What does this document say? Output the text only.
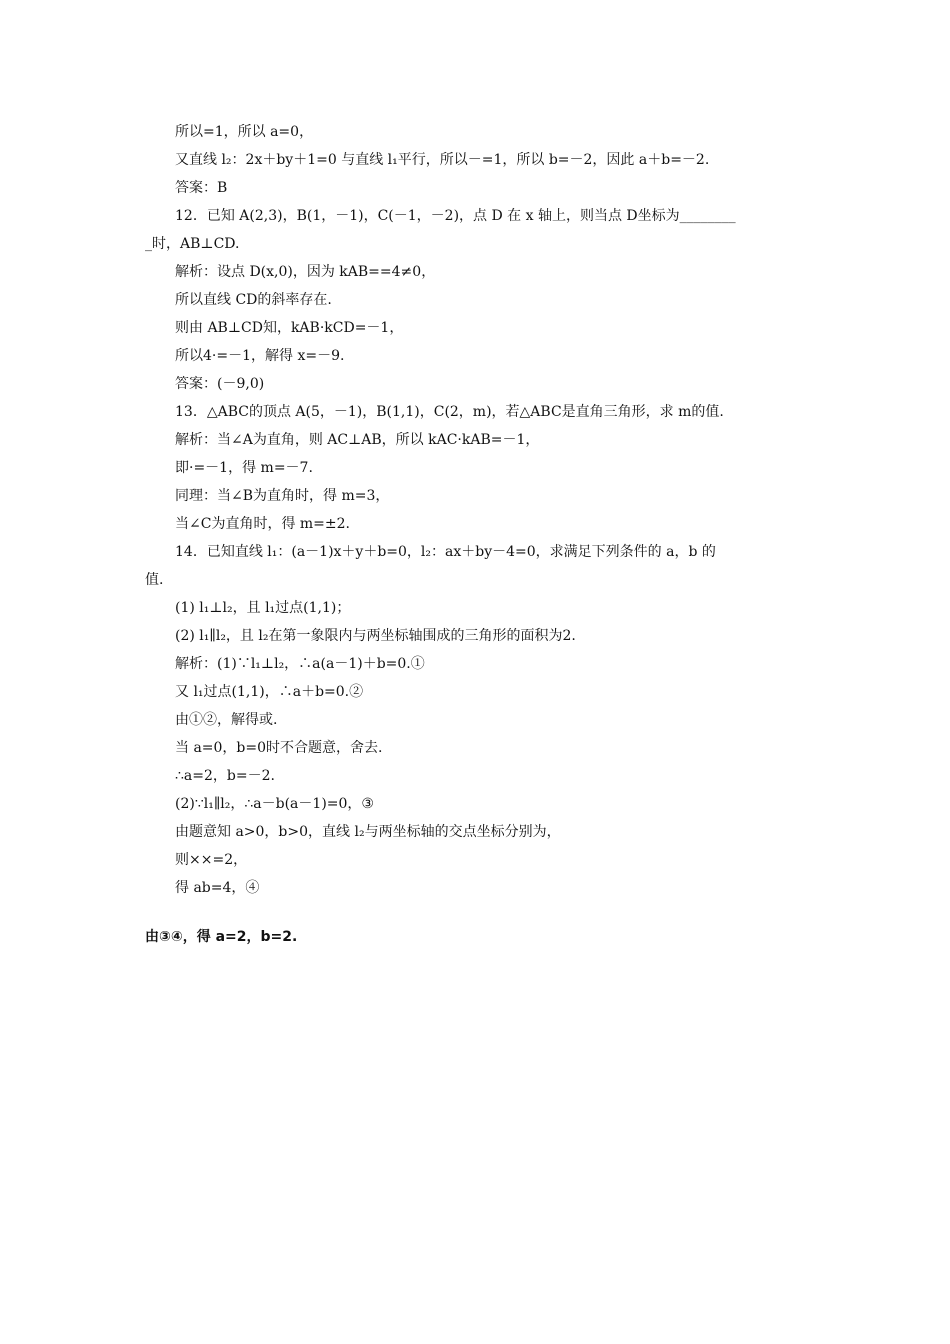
所以=1，所以 a=0，
又直线 l₂：2x＋by＋1=0 与直线 l₁平行，所以－=1，所以 b=－2，因此 a＋b=－2.
答案：B
12．已知 A(2,3)，B(1，－1)，C(－1，－2)，点 D 在 x 轴上，则当点 D坐标为________
_时，AB⊥CD.
解析：设点 D(x,0)，因为 kAB==4≠0，
所以直线 CD的斜率存在.
则由 AB⊥CD知，kAB·kCD=－1，
所以4·=－1，解得 x=－9.
答案：(－9,0)
13．△ABC的顶点 A(5，－1)，B(1,1)，C(2，m)，若△ABC是直角三角形，求 m的值.
解析：当∠A为直角，则 AC⊥AB，所以 kAC·kAB=－1，
即·=－1，得 m=－7.
同理：当∠B为直角时，得 m=3，
当∠C为直角时，得 m=±2.
14．已知直线 l₁：(a－1)x＋y＋b=0，l₂：ax＋by－4=0，求满足下列条件的 a，b 的
值.
(1) l₁⊥l₂，且 l₁过点(1,1)；
(2) l₁∥l₂，且 l₂在第一象限内与两坐标轴围成的三角形的面积为2.
解析：(1)∵l₁⊥l₂，∴a(a－1)＋b=0.①
又 l₁过点(1,1)，∴a＋b=0.②
由①②，解得或.
当 a=0，b=0时不合题意，舍去.
∴a=2，b=－2.
(2)∵l₁∥l₂，∴a－b(a－1)=0，③
由题意知 a>0，b>0，直线 l₂与两坐标轴的交点坐标分别为，
则××=2，
得 ab=4，④
由③④，得 a=2，b=2.
